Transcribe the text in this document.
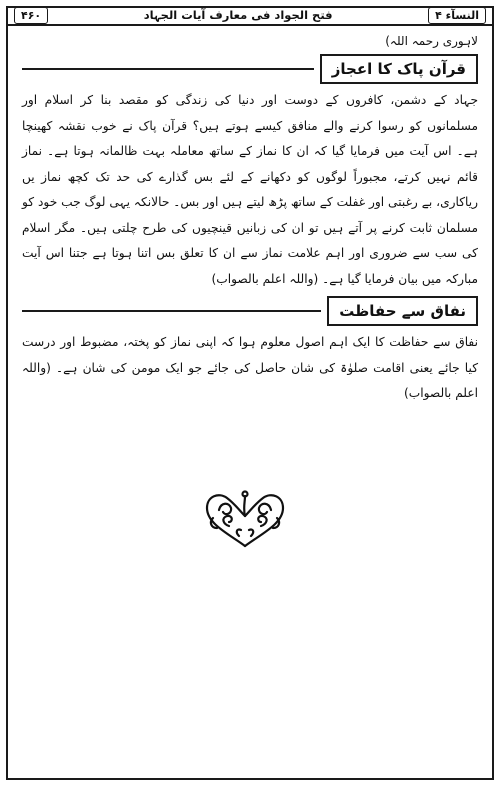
۴۶۰	فتح الجواد فی معارف آیات الجہاد	النسآء ۴
لاہوری رحمہ اللہ)
قرآن پاک کا اعجاز

جہاد کے دشمن، کافروں کے دوست اور دنیا کی زندگی کو مقصد بنا کر اسلام اور مسلمانوں کو رسوا کرنے والے منافق کیسے ہوتے ہیں؟ قرآن پاک نے خوب نقشہ کھینچا ہے۔ اس آیت میں فرمایا گیا کہ ان کا نماز کے ساتھ معاملہ بہت ظالمانہ ہوتا ہے۔ نماز قائم نہیں کرتے، مجبوراً لوگوں کو دکھانے کے لئے بس گذارے کی حد تک کچھ نماز یں ریاکاری، بے رغبتی اور غفلت کے ساتھ پڑھ لیتے ہیں اور بس۔ حالانکہ یہی لوگ جب خود کو مسلمان ثابت کرنے پر آتے ہیں تو ان کی زبانیں قینچیوں کی طرح چلتی ہیں۔ مگر اسلام کی سب سے ضروری اور اہم علامت نماز سے ان کا تعلق بس اتنا ہوتا ہے جتنا اس آیت مبارکہ میں بیان فرمایا گیا ہے۔ (واللہ اعلم بالصواب)

نفاق سے حفاظت

نفاق سے حفاظت کا ایک اہم اصول معلوم ہوا کہ اپنی نماز کو پختہ، مضبوط اور درست کیا جائے یعنی اقامت صلوٰۃ کی شان حاصل کی جائے جو ایک مومن کی شان ہے۔ (واللہ اعلم بالصواب)
